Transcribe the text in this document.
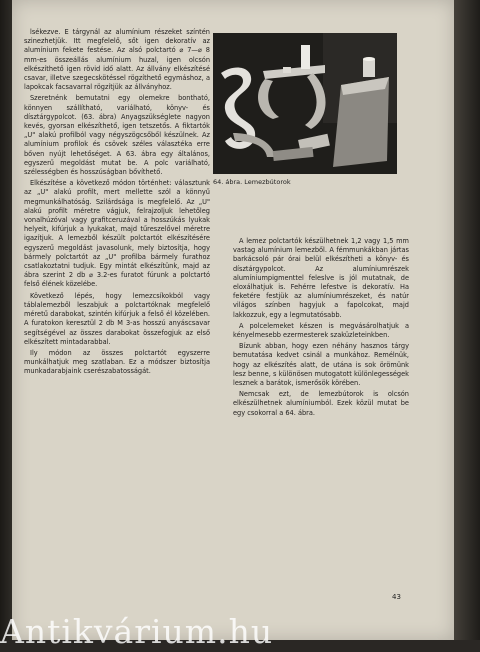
lsékezve. E tárgynál az alumínium részeket színtén szinezhetjük. Itt megfelelő, sőt igen dekoratív az alumínium fekete festése. Az alsó polctartó ⌀ 7—⌀ 8 mm-es összeállás alumínium huzal, igen olcsón elkészíthető igen rövid idő alatt. Az állvány elkészítésé csavar, illetve szegecskötéssel rögzíthető egymáshoz, a lapokcak facsavarral rögzítjük az állványhoz.

Szeretnénk bemutatni egy olemekre bontható, könnyen szállítható, variálható, könyv- és dísztárgypolcot. (63. ábra) Anyagszükséglete nagyon kevés, gyorsan elkészíthető, igen tetszetős. A fiktartók „U" alakú profilból vagy négyszögcsőből készülnek. Az alumínium profilok és csövek széles választéka erre bőven nyújt lehetőséget. A 63. ábra egy általános, egyszerű megoldást mutat be. A polc variálható, szélességben és hosszúságban bővíthető.

Elkészítése a következő módon történhet: választunk az „U" alakú profilt, mert mellette szól a könnyű megmunkálhatóság. Szilárdsága is megfelelő. Az „U" alakú profilt méretre vágjuk, felrajzoljuk lehetőleg vonalhúzóval vagy grafitceruzával a hosszúkás lyukak helyeit, kifúrjuk a lyukakat, majd tűreszelővel méretre igazítjuk. A lemezből készült polctartót elkészítésére egyszerű megoldást javasolunk, mely biztosítja, hogy bármely polctartót az „U" profilba bármely furathoz csatlakoztatni tudjuk. Egy mintát elkészítünk, majd az ábra szerint 2 db ⌀ 3.2-es furatot fúrunk a polctartó felső élének közelébe.

Következő lépés, hogy lemezcsíkokból vagy táblalemezből leszabjuk a polctartóknak megfelelő méretű darabokat, szintén kifúrjuk a felső él közelében. A furatokon keresztül 2 db M 3-as hosszú anyáscsavar segítségével az összes darabokat összefogjuk az első elkészített mintadarabbal.

Ily módon az összes polctartót egyszerre munkálhatjuk meg szatlaban. Ez a módszer biztosítja munkadarabjaink cserészabatosságát.

64. ábra. Lemezbútorok

A lemez polctartók készülhetnek 1,2 vagy 1,5 mm vastag alumínium lemezből. A fémmunkákban jártas barkácsoló pár órai belül elkészítheti a könyv- és dísztárgypolcot. Az alumíniumrészek alumíniumpigmenttel feleslve is jól mutatnak, de eloxálhatjuk is. Fehérre lefestve is dekoratív. Ha feketére festjük az alumíniumrészeket, és natúr világos színben hagyjuk a fapolcokat, majd lakkozzuk, egy a legmutatósabb.

A polcelemeket készen is megvásárolhatjuk a kényelmesebb ezermesterek szaküzleteinkben.

Bízunk abban, hogy ezen néhány hasznos tárgy bemutatása kedvet csinál a munkához. Remélnük, hogy az elkészítés alatt, de utána is sok örömünk lesz benne, s különösen mutogatott különlegességek lesznek a barátok, ismerősök körében.

Nemcsak ezt, de lemezbútorok is olcsón elkészülhetnek alumíniumból. Ezek közül mutat be egy csokorral a 64. ábra.

43
Antikvárium.hu
